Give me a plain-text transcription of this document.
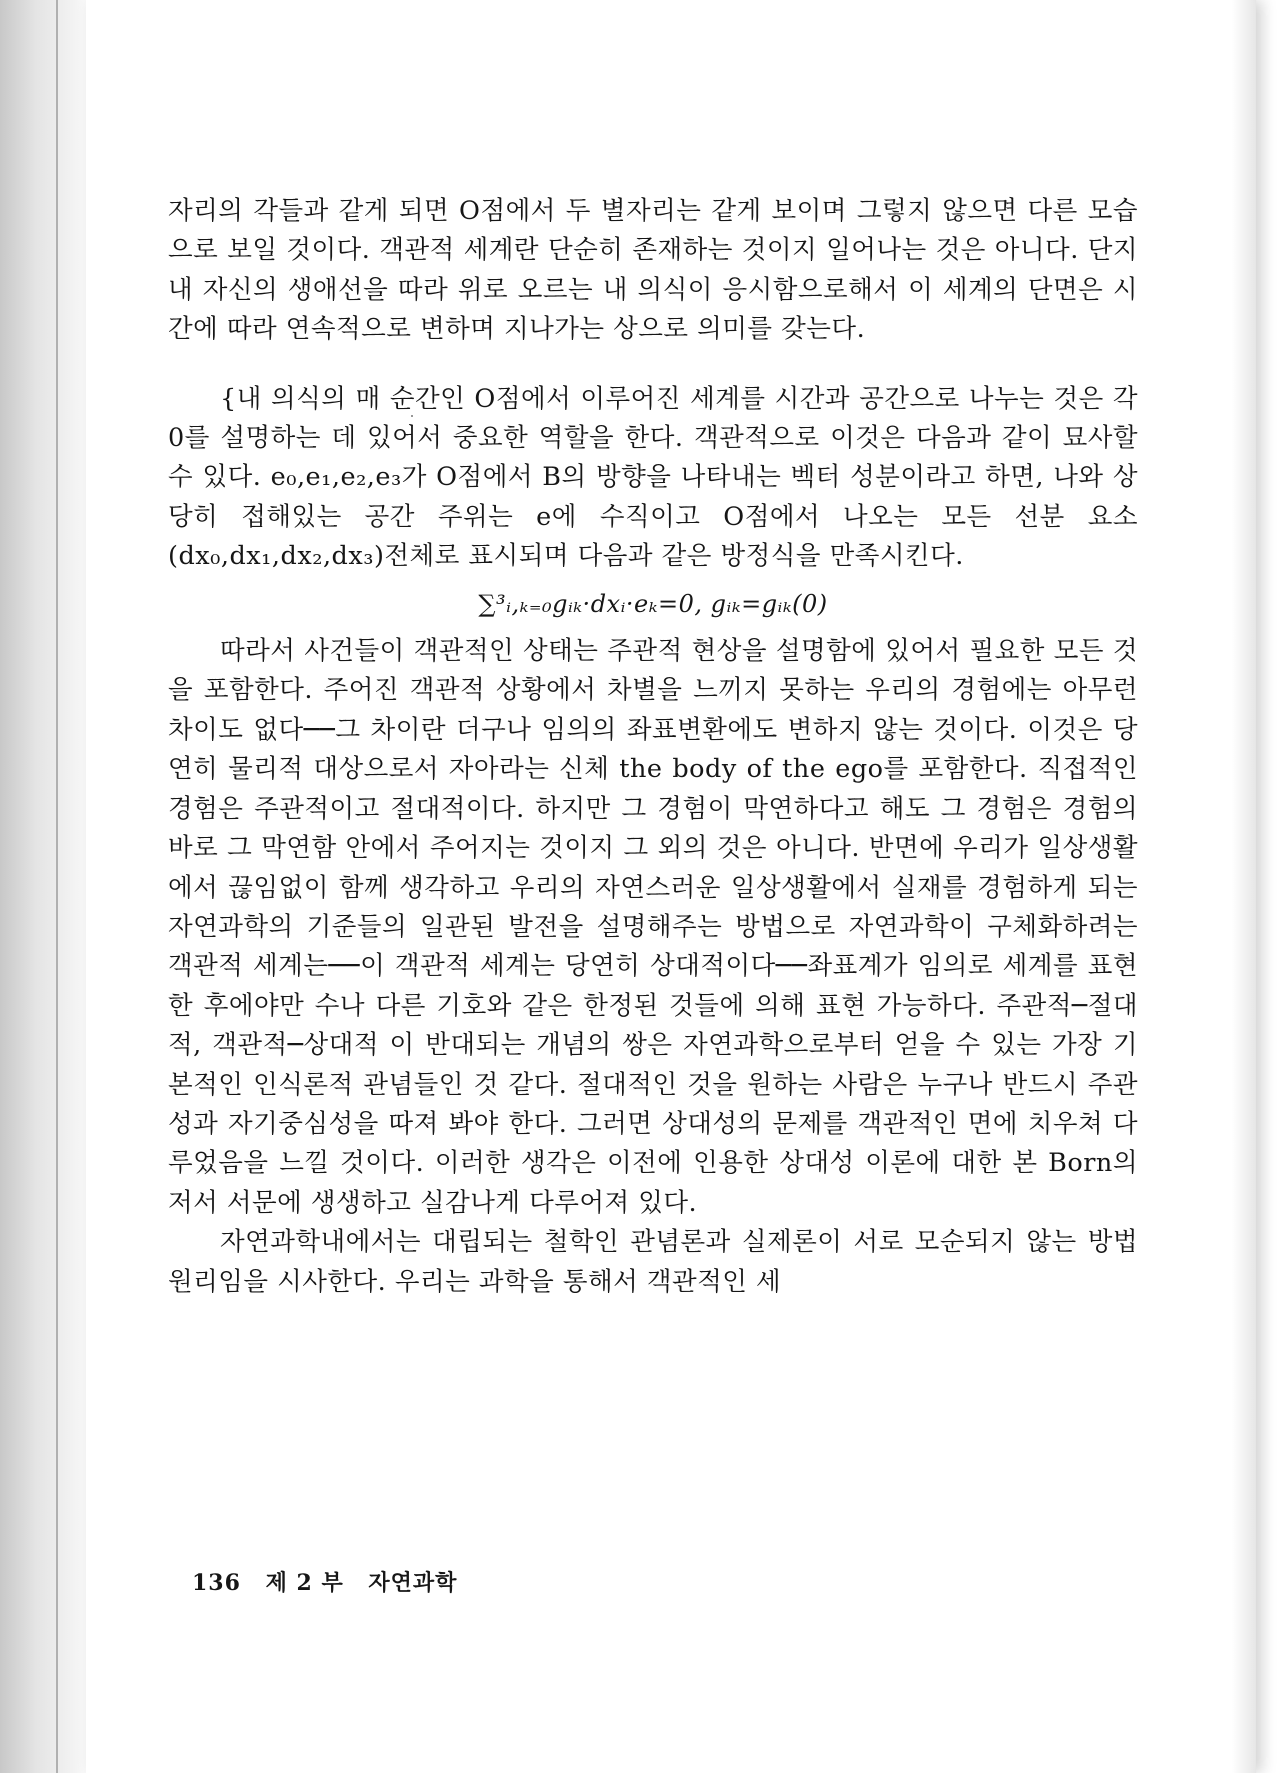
자리의 각들과 같게 되면 O점에서 두 별자리는 같게 보이며 그렇지 않으면 다른 모습으로 보일 것이다. 객관적 세계란 단순히 존재하는 것이지 일어나는 것은 아니다. 단지 내 자신의 생애선을 따라 위로 오르는 내 의식이 응시함으로해서 이 세계의 단면은 시간에 따라 연속적으로 변하며 지나가는 상으로 의미를 갖는다.

{내 의식의 매 순간인 O점에서 이루어진 세계를 시간과 공간으로 나누는 것은 각 0를 설명하는 데 있어서 중요한 역할을 한다. 객관적으로 이것은 다음과 같이 묘사할 수 있다. e₀,e₁,e₂,e₃가 O점에서 B의 방향을 나타내는 벡터 성분이라고 하면, 나와 상당히 접해있는 공간 주위는 e에 수직이고 O점에서 나오는 모든 선분 요소(dx₀,dx₁,dx₂,dx₃)전체로 표시되며 다음과 같은 방정식을 만족시킨다.

∑³ᵢ,ₖ₌₀gᵢₖ·dxᵢ·eₖ=0, gᵢₖ=gᵢₖ(0)

따라서 사건들이 객관적인 상태는 주관적 현상을 설명함에 있어서 필요한 모든 것을 포함한다. 주어진 객관적 상황에서 차별을 느끼지 못하는 우리의 경험에는 아무런 차이도 없다──그 차이란 더구나 임의의 좌표변환에도 변하지 않는 것이다. 이것은 당연히 물리적 대상으로서 자아라는 신체 the body of the ego를 포함한다. 직접적인 경험은 주관적이고 절대적이다. 하지만 그 경험이 막연하다고 해도 그 경험은 경험의 바로 그 막연함 안에서 주어지는 것이지 그 외의 것은 아니다. 반면에 우리가 일상생활에서 끊임없이 함께 생각하고 우리의 자연스러운 일상생활에서 실재를 경험하게 되는 자연과학의 기준들의 일관된 발전을 설명해주는 방법으로 자연과학이 구체화하려는 객관적 세계는──이 객관적 세계는 당연히 상대적이다──좌표계가 임의로 세계를 표현한 후에야만 수나 다른 기호와 같은 한정된 것들에 의해 표현 가능하다. 주관적─절대적, 객관적─상대적 이 반대되는 개념의 쌍은 자연과학으로부터 얻을 수 있는 가장 기본적인 인식론적 관념들인 것 같다. 절대적인 것을 원하는 사람은 누구나 반드시 주관성과 자기중심성을 따져 봐야 한다. 그러면 상대성의 문제를 객관적인 면에 치우쳐 다루었음을 느낄 것이다. 이러한 생각은 이전에 인용한 상대성 이론에 대한 본 Born의 저서 서문에 생생하고 실감나게 다루어져 있다.

자연과학내에서는 대립되는 철학인 관념론과 실제론이 서로 모순되지 않는 방법 원리임을 시사한다. 우리는 과학을 통해서 객관적인 세

136 제 2 부 자연과학
